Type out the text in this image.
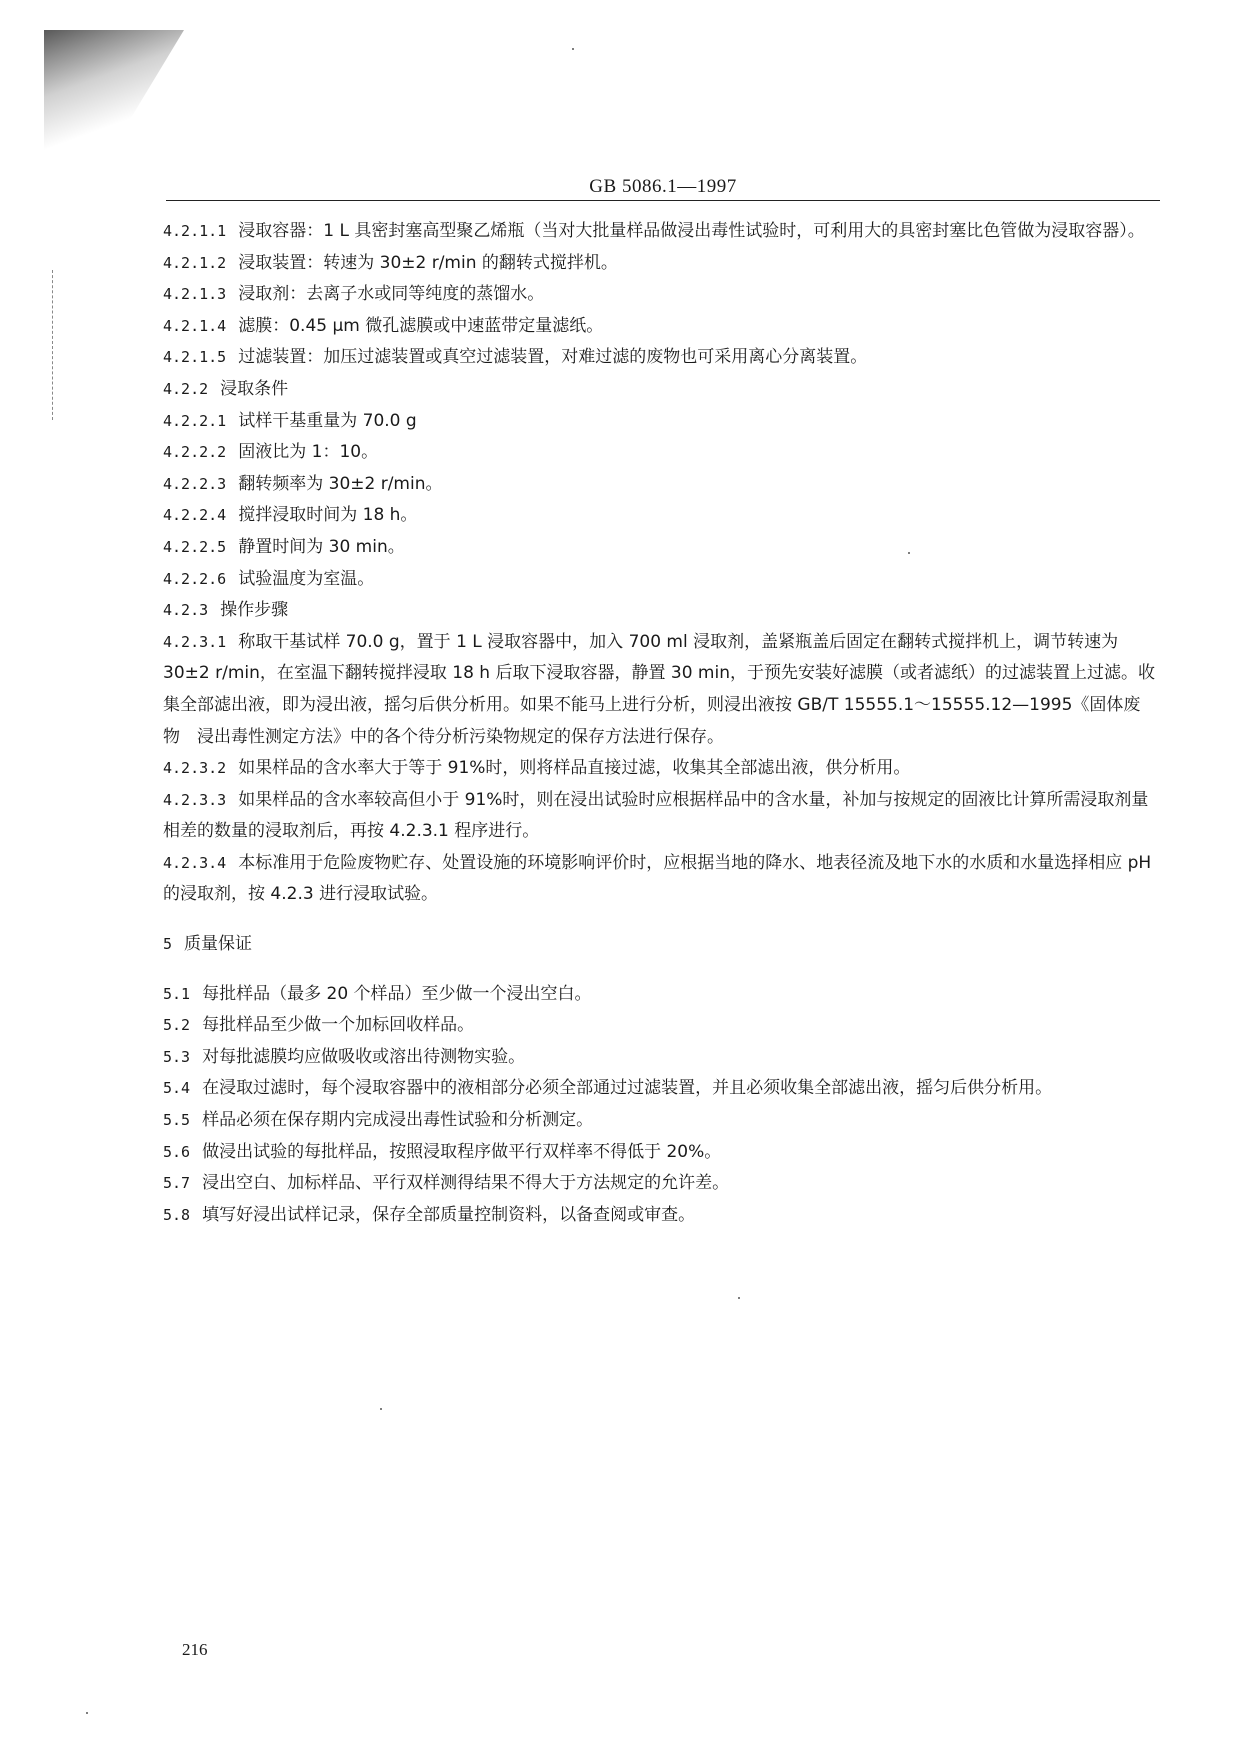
GB 5086.1—1997

4.2.1.1 浸取容器：1 L 具密封塞高型聚乙烯瓶（当对大批量样品做浸出毒性试验时，可利用大的具密封塞比色管做为浸取容器）。

4.2.1.2 浸取装置：转速为 30±2 r/min 的翻转式搅拌机。

4.2.1.3 浸取剂：去离子水或同等纯度的蒸馏水。

4.2.1.4 滤膜：0.45 μm 微孔滤膜或中速蓝带定量滤纸。

4.2.1.5 过滤装置：加压过滤装置或真空过滤装置，对难过滤的废物也可采用离心分离装置。

4.2.2 浸取条件

4.2.2.1 试样干基重量为 70.0 g

4.2.2.2 固液比为 1：10。

4.2.2.3 翻转频率为 30±2 r/min。

4.2.2.4 搅拌浸取时间为 18 h。

4.2.2.5 静置时间为 30 min。

4.2.2.6 试验温度为室温。

4.2.3 操作步骤

4.2.3.1 称取干基试样 70.0 g，置于 1 L 浸取容器中，加入 700 ml 浸取剂，盖紧瓶盖后固定在翻转式搅拌机上，调节转速为 30±2 r/min，在室温下翻转搅拌浸取 18 h 后取下浸取容器，静置 30 min，于预先安装好滤膜（或者滤纸）的过滤装置上过滤。收集全部滤出液，即为浸出液，摇匀后供分析用。如果不能马上进行分析，则浸出液按 GB/T 15555.1～15555.12—1995《固体废物　浸出毒性测定方法》中的各个待分析污染物规定的保存方法进行保存。

4.2.3.2 如果样品的含水率大于等于 91%时，则将样品直接过滤，收集其全部滤出液，供分析用。

4.2.3.3 如果样品的含水率较高但小于 91%时，则在浸出试验时应根据样品中的含水量，补加与按规定的固液比计算所需浸取剂量相差的数量的浸取剂后，再按 4.2.3.1 程序进行。

4.2.3.4 本标准用于危险废物贮存、处置设施的环境影响评价时，应根据当地的降水、地表径流及地下水的水质和水量选择相应 pH 的浸取剂，按 4.2.3 进行浸取试验。

5 质量保证

5.1 每批样品（最多 20 个样品）至少做一个浸出空白。

5.2 每批样品至少做一个加标回收样品。

5.3 对每批滤膜均应做吸收或溶出待测物实验。

5.4 在浸取过滤时，每个浸取容器中的液相部分必须全部通过过滤装置，并且必须收集全部滤出液，摇匀后供分析用。

5.5 样品必须在保存期内完成浸出毒性试验和分析测定。

5.6 做浸出试验的每批样品，按照浸取程序做平行双样率不得低于 20%。

5.7 浸出空白、加标样品、平行双样测得结果不得大于方法规定的允许差。

5.8 填写好浸出试样记录，保存全部质量控制资料，以备查阅或审查。

216
